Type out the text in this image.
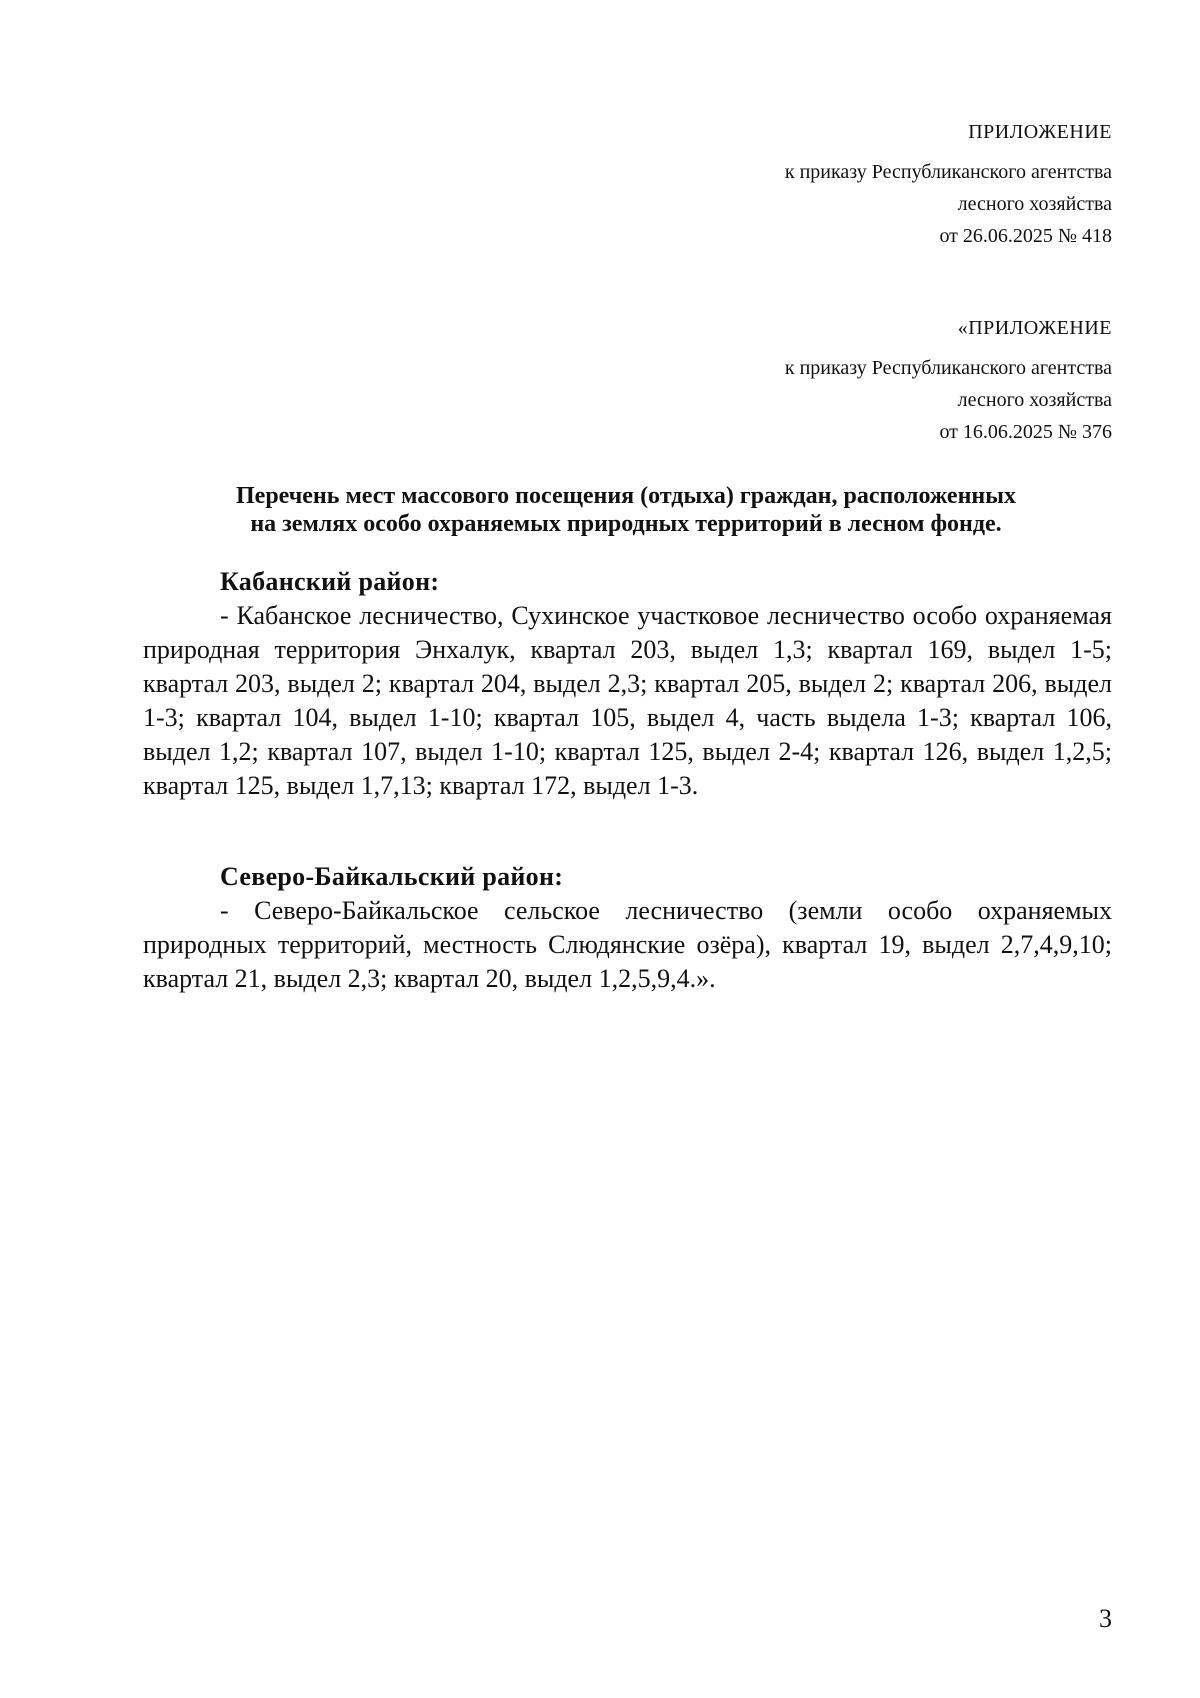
ПРИЛОЖЕНИЕ
к приказу Республиканского агентства
лесного хозяйства
от 26.06.2025 № 418
«ПРИЛОЖЕНИЕ
к приказу Республиканского агентства
лесного хозяйства
от 16.06.2025 № 376
Перечень мест массового посещения (отдыха) граждан, расположенных
на землях особо охраняемых природных территорий в лесном фонде.
Кабанский район:
- Кабанское лесничество, Сухинское участковое лесничество особо охраняемая природная территория Энхалук, квартал 203, выдел 1,3; квартал 169, выдел 1-5; квартал 203, выдел 2; квартал 204, выдел 2,3; квартал 205, выдел 2; квартал 206, выдел 1-3; квартал 104, выдел 1-10; квартал 105, выдел 4, часть выдела 1-3; квартал 106, выдел 1,2; квартал 107, выдел 1-10; квартал 125, выдел 2-4; квартал 126, выдел 1,2,5; квартал 125, выдел 1,7,13; квартал 172, выдел 1-3.
Северо-Байкальский район:
- Северо-Байкальское сельское лесничество (земли особо охраняемых природных территорий, местность Слюдянские озёра), квартал 19, выдел 2,7,4,9,10; квартал 21, выдел 2,3; квартал 20, выдел 1,2,5,9,4.».
3
